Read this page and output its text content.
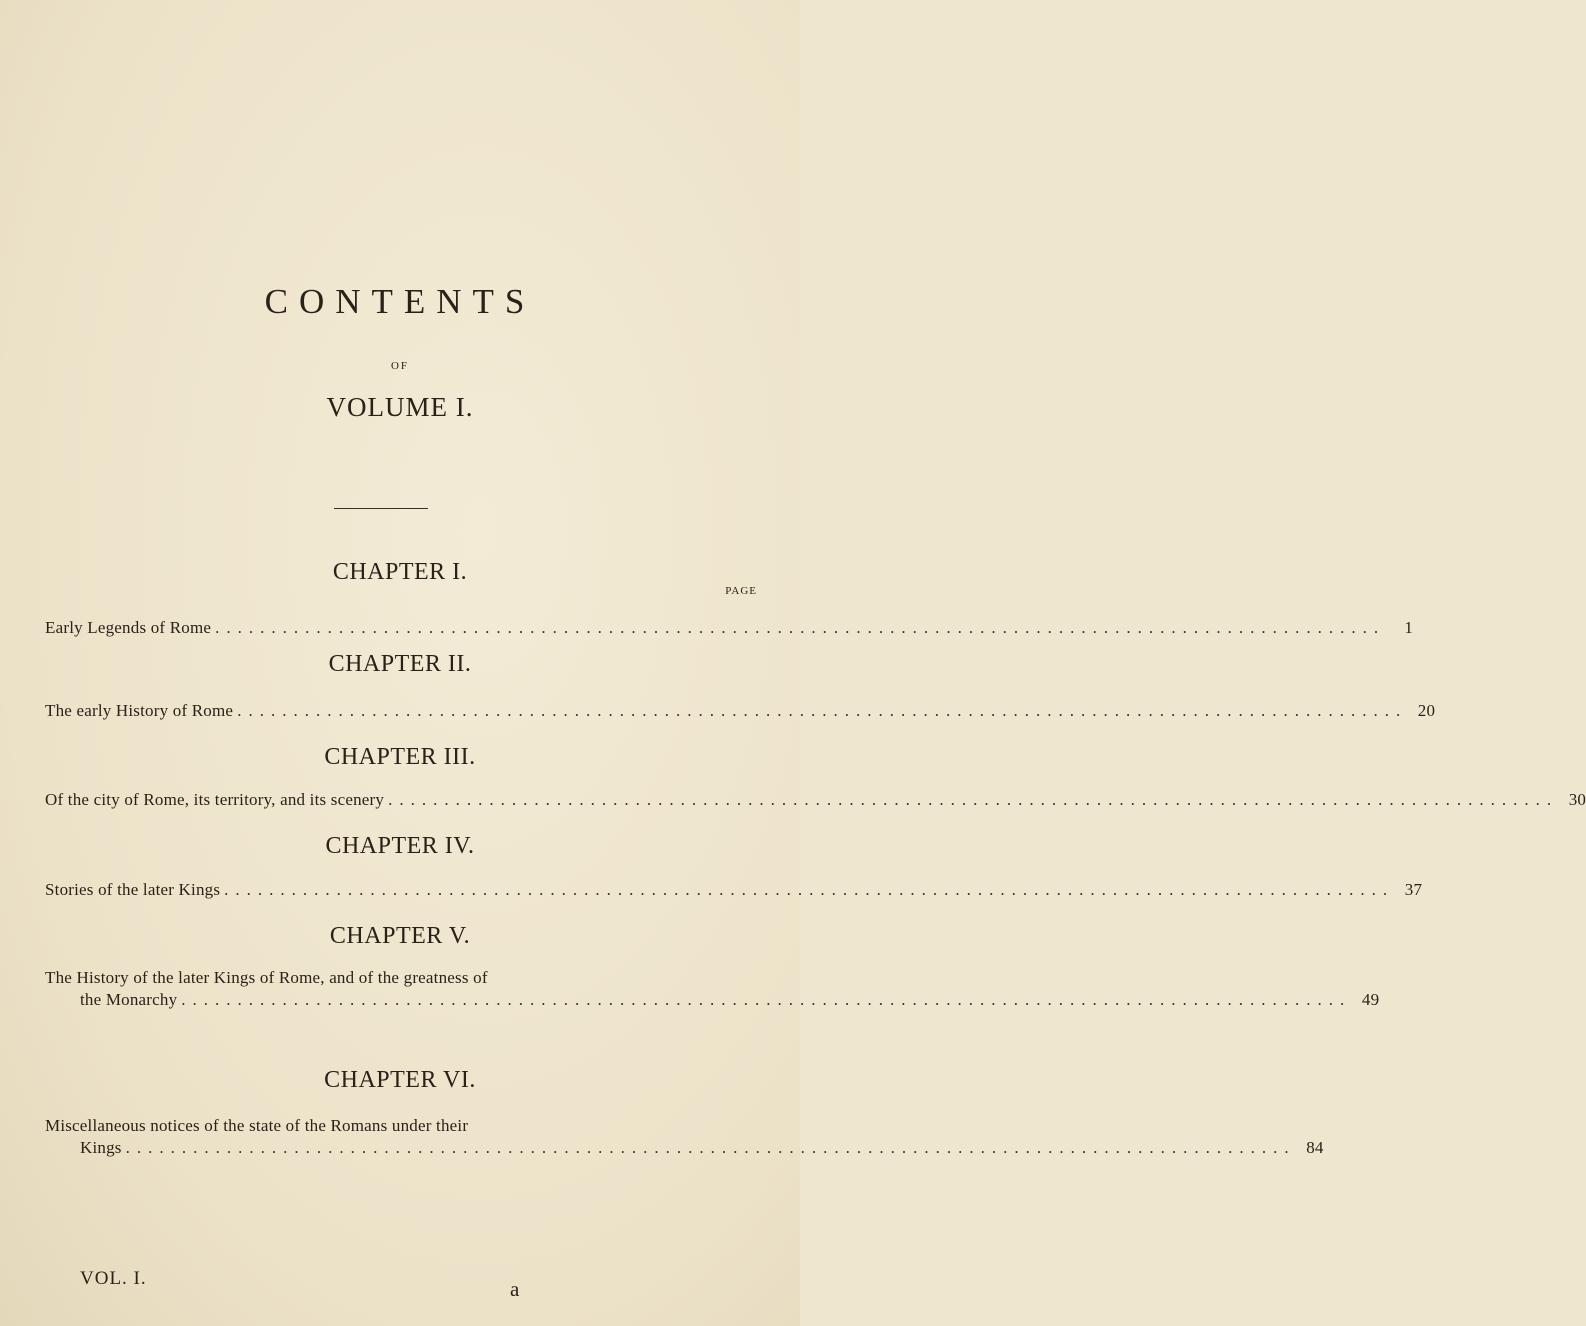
CONTENTS
OF
VOLUME I.
CHAPTER I.
PAGE
Early Legends of Rome ........................................................................................................	1
CHAPTER II.
The early History of Rome ........................................................................................................ 20
CHAPTER III.
Of the city of Rome, its territory, and its scenery ........................................................................................................ 30
CHAPTER IV.
Stories of the later Kings ........................................................................................................ 37
CHAPTER V.
The History of the later Kings of Rome, and of the greatness of
the Monarchy ........................................................................................................ 49
CHAPTER VI.
Miscellaneous notices of the state of the Romans under their
Kings ........................................................................................................ 84
VOL. I.	a
